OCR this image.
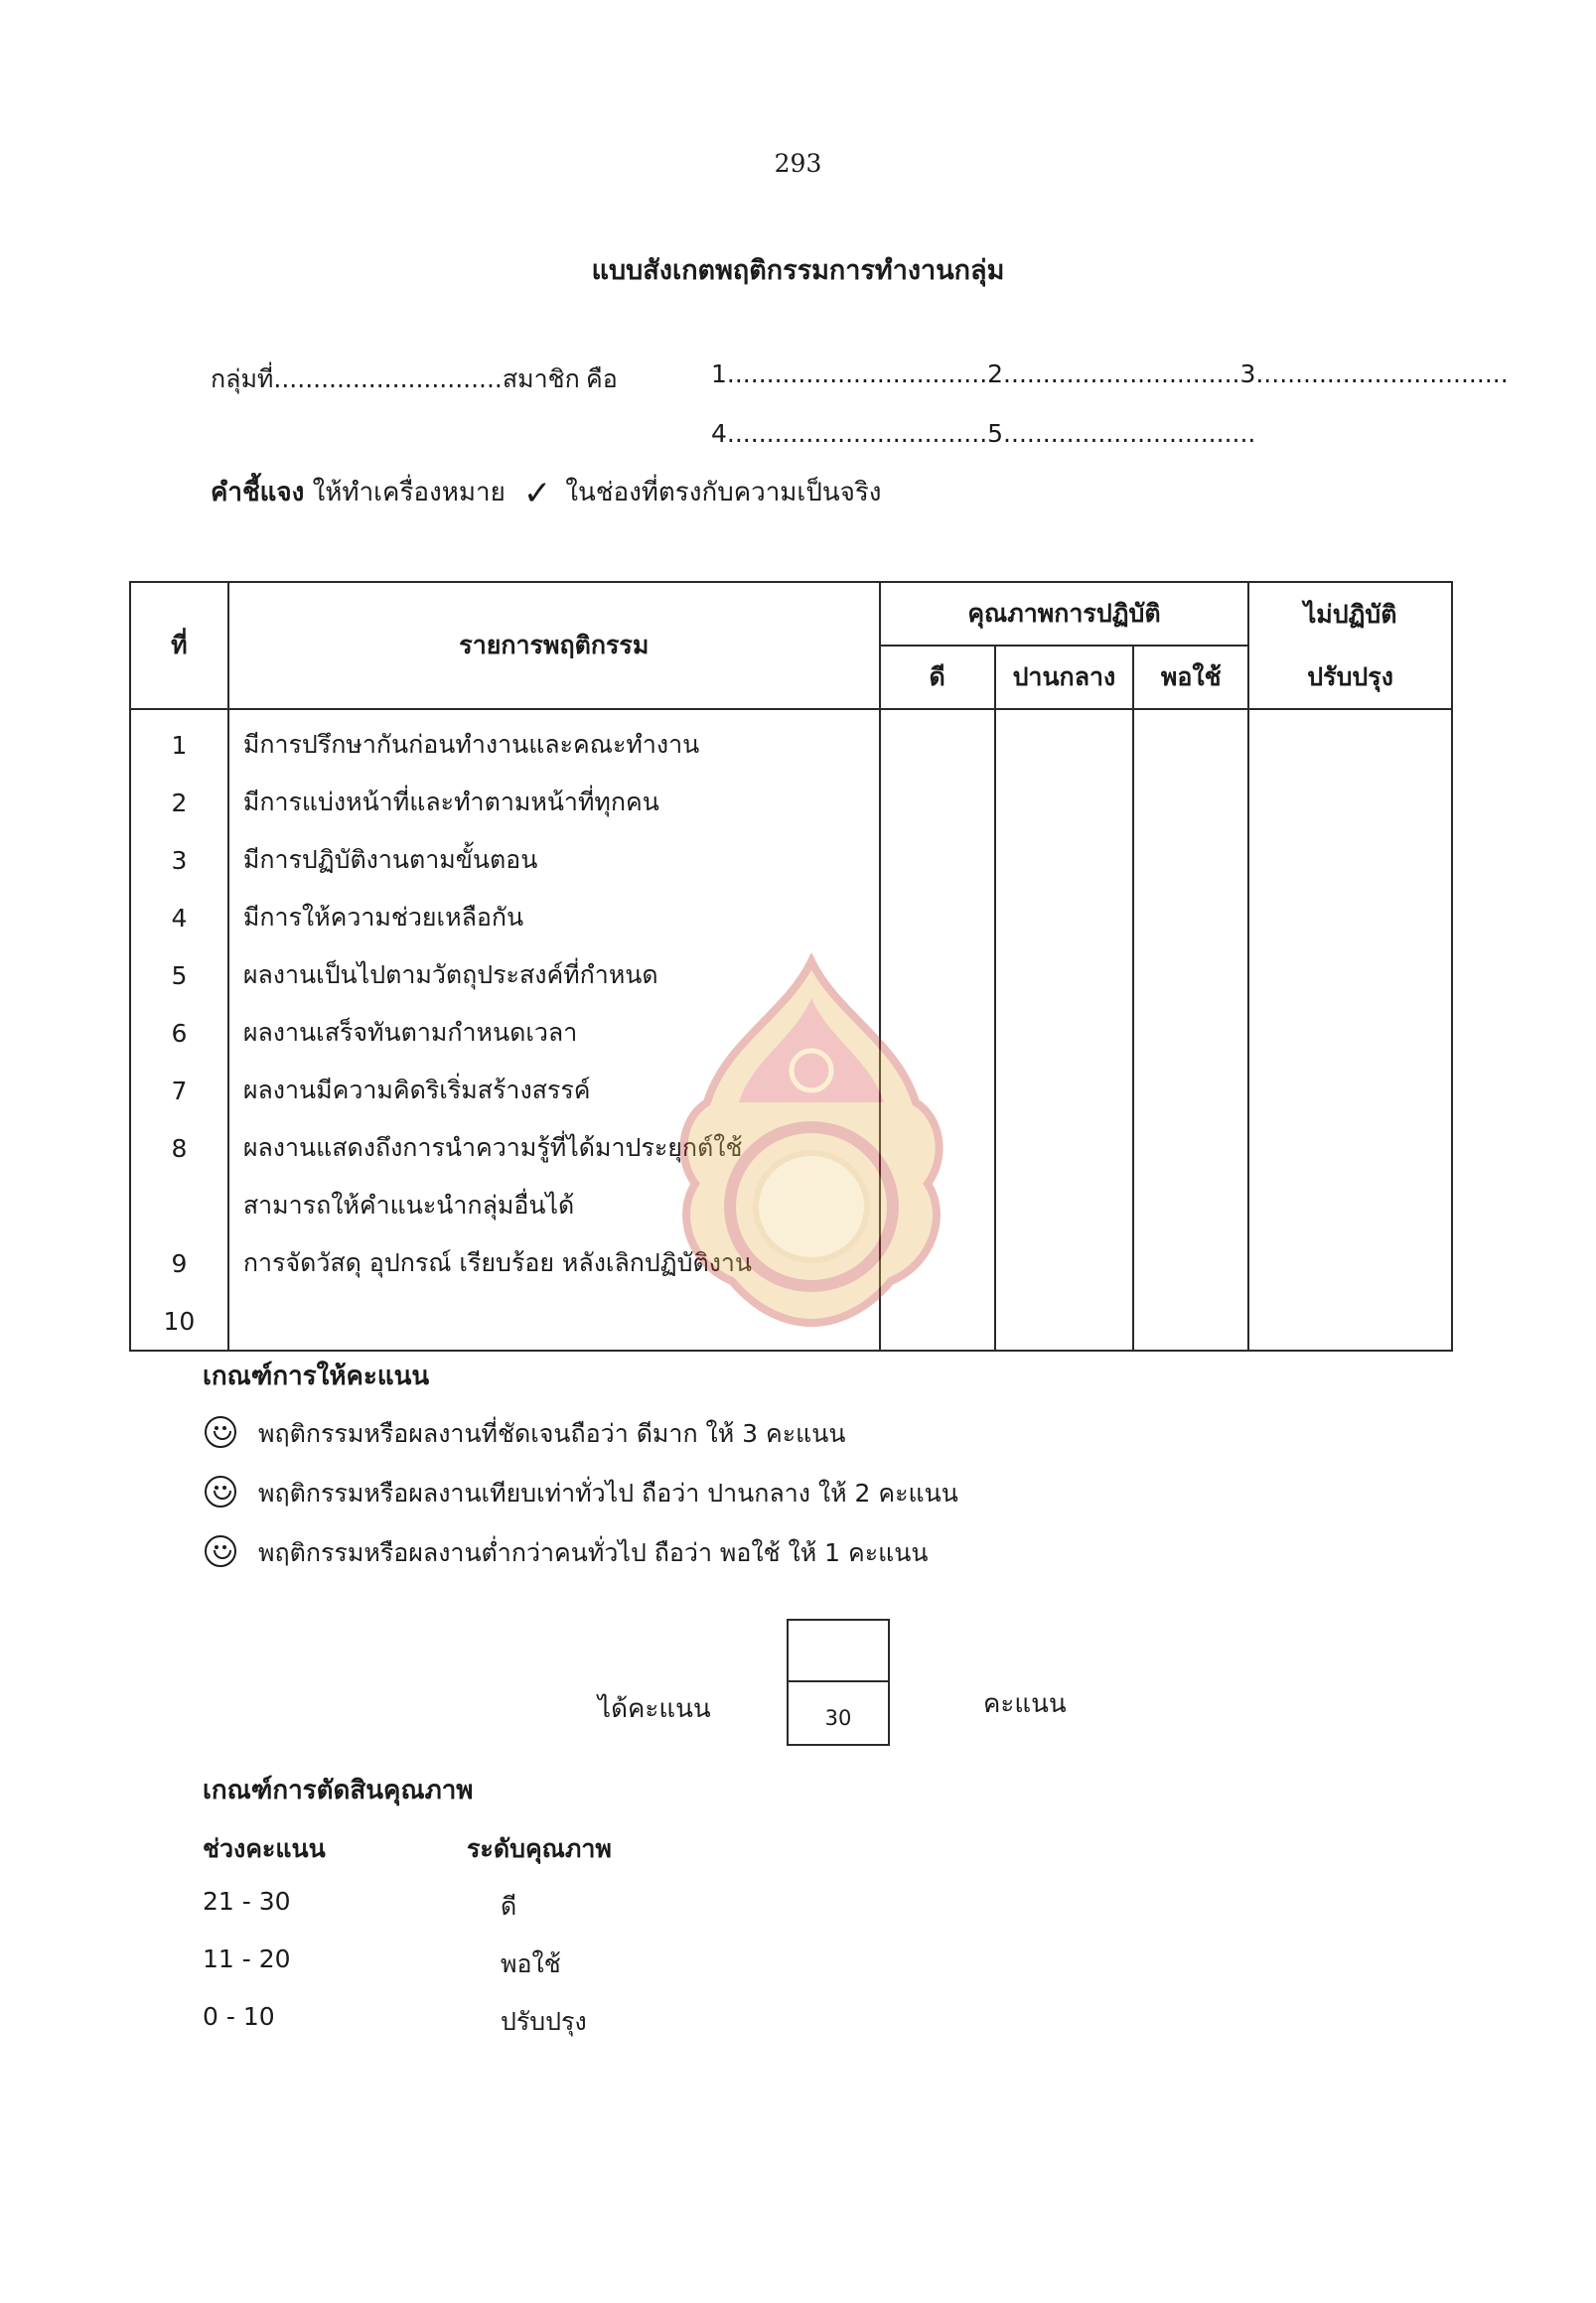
293
แบบสังเกตพฤติกรรมการทำงานกลุ่ม
กลุ่มที่.............................สมาชิก คือ	1.................................2..............................3................................
4.................................5................................
คำชี้แจง ให้ทำเครื่องหมาย ✓ ในช่องที่ตรงกับความเป็นจริง
ที่	รายการพฤติกรรม	คุณภาพการปฏิบัติ			ไม่ปฏิบัติ
		ดี	ปานกลาง	พอใช้	ปรับปรุง
1	มีการปรึกษากันก่อนทำงานและคณะทำงาน				
2	มีการแบ่งหน้าที่และทำตามหน้าที่ทุกคน				
3	มีการปฏิบัติงานตามขั้นตอน				
4	มีการให้ความช่วยเหลือกัน				
5	ผลงานเป็นไปตามวัตถุประสงค์ที่กำหนด				
6	ผลงานเสร็จทันตามกำหนดเวลา				
7	ผลงานมีความคิดริเริ่มสร้างสรรค์				
8	ผลงานแสดงถึงการนำความรู้ที่ได้มาประยุกต์ใช้				
	สามารถให้คำแนะนำกลุ่มอื่นได้				
9	การจัดวัสดุ อุปกรณ์ เรียบร้อย หลังเลิกปฏิบัติงาน				
10					
เกณฑ์การให้คะแนน
พฤติกรรมหรือผลงานที่ชัดเจนถือว่า ดีมาก ให้ 3 คะแนน
พฤติกรรมหรือผลงานเทียบเท่าทั่วไป ถือว่า ปานกลาง ให้ 2 คะแนน
พฤติกรรมหรือผลงานต่ำกว่าคนทั่วไป ถือว่า พอใช้ ให้ 1 คะแนน
ได้คะแนน	30	คะแนน
เกณฑ์การตัดสินคุณภาพ
ช่วงคะแนน	ระดับคุณภาพ
21 - 30	ดี
11 - 20	พอใช้
0 - 10	ปรับปรุง
